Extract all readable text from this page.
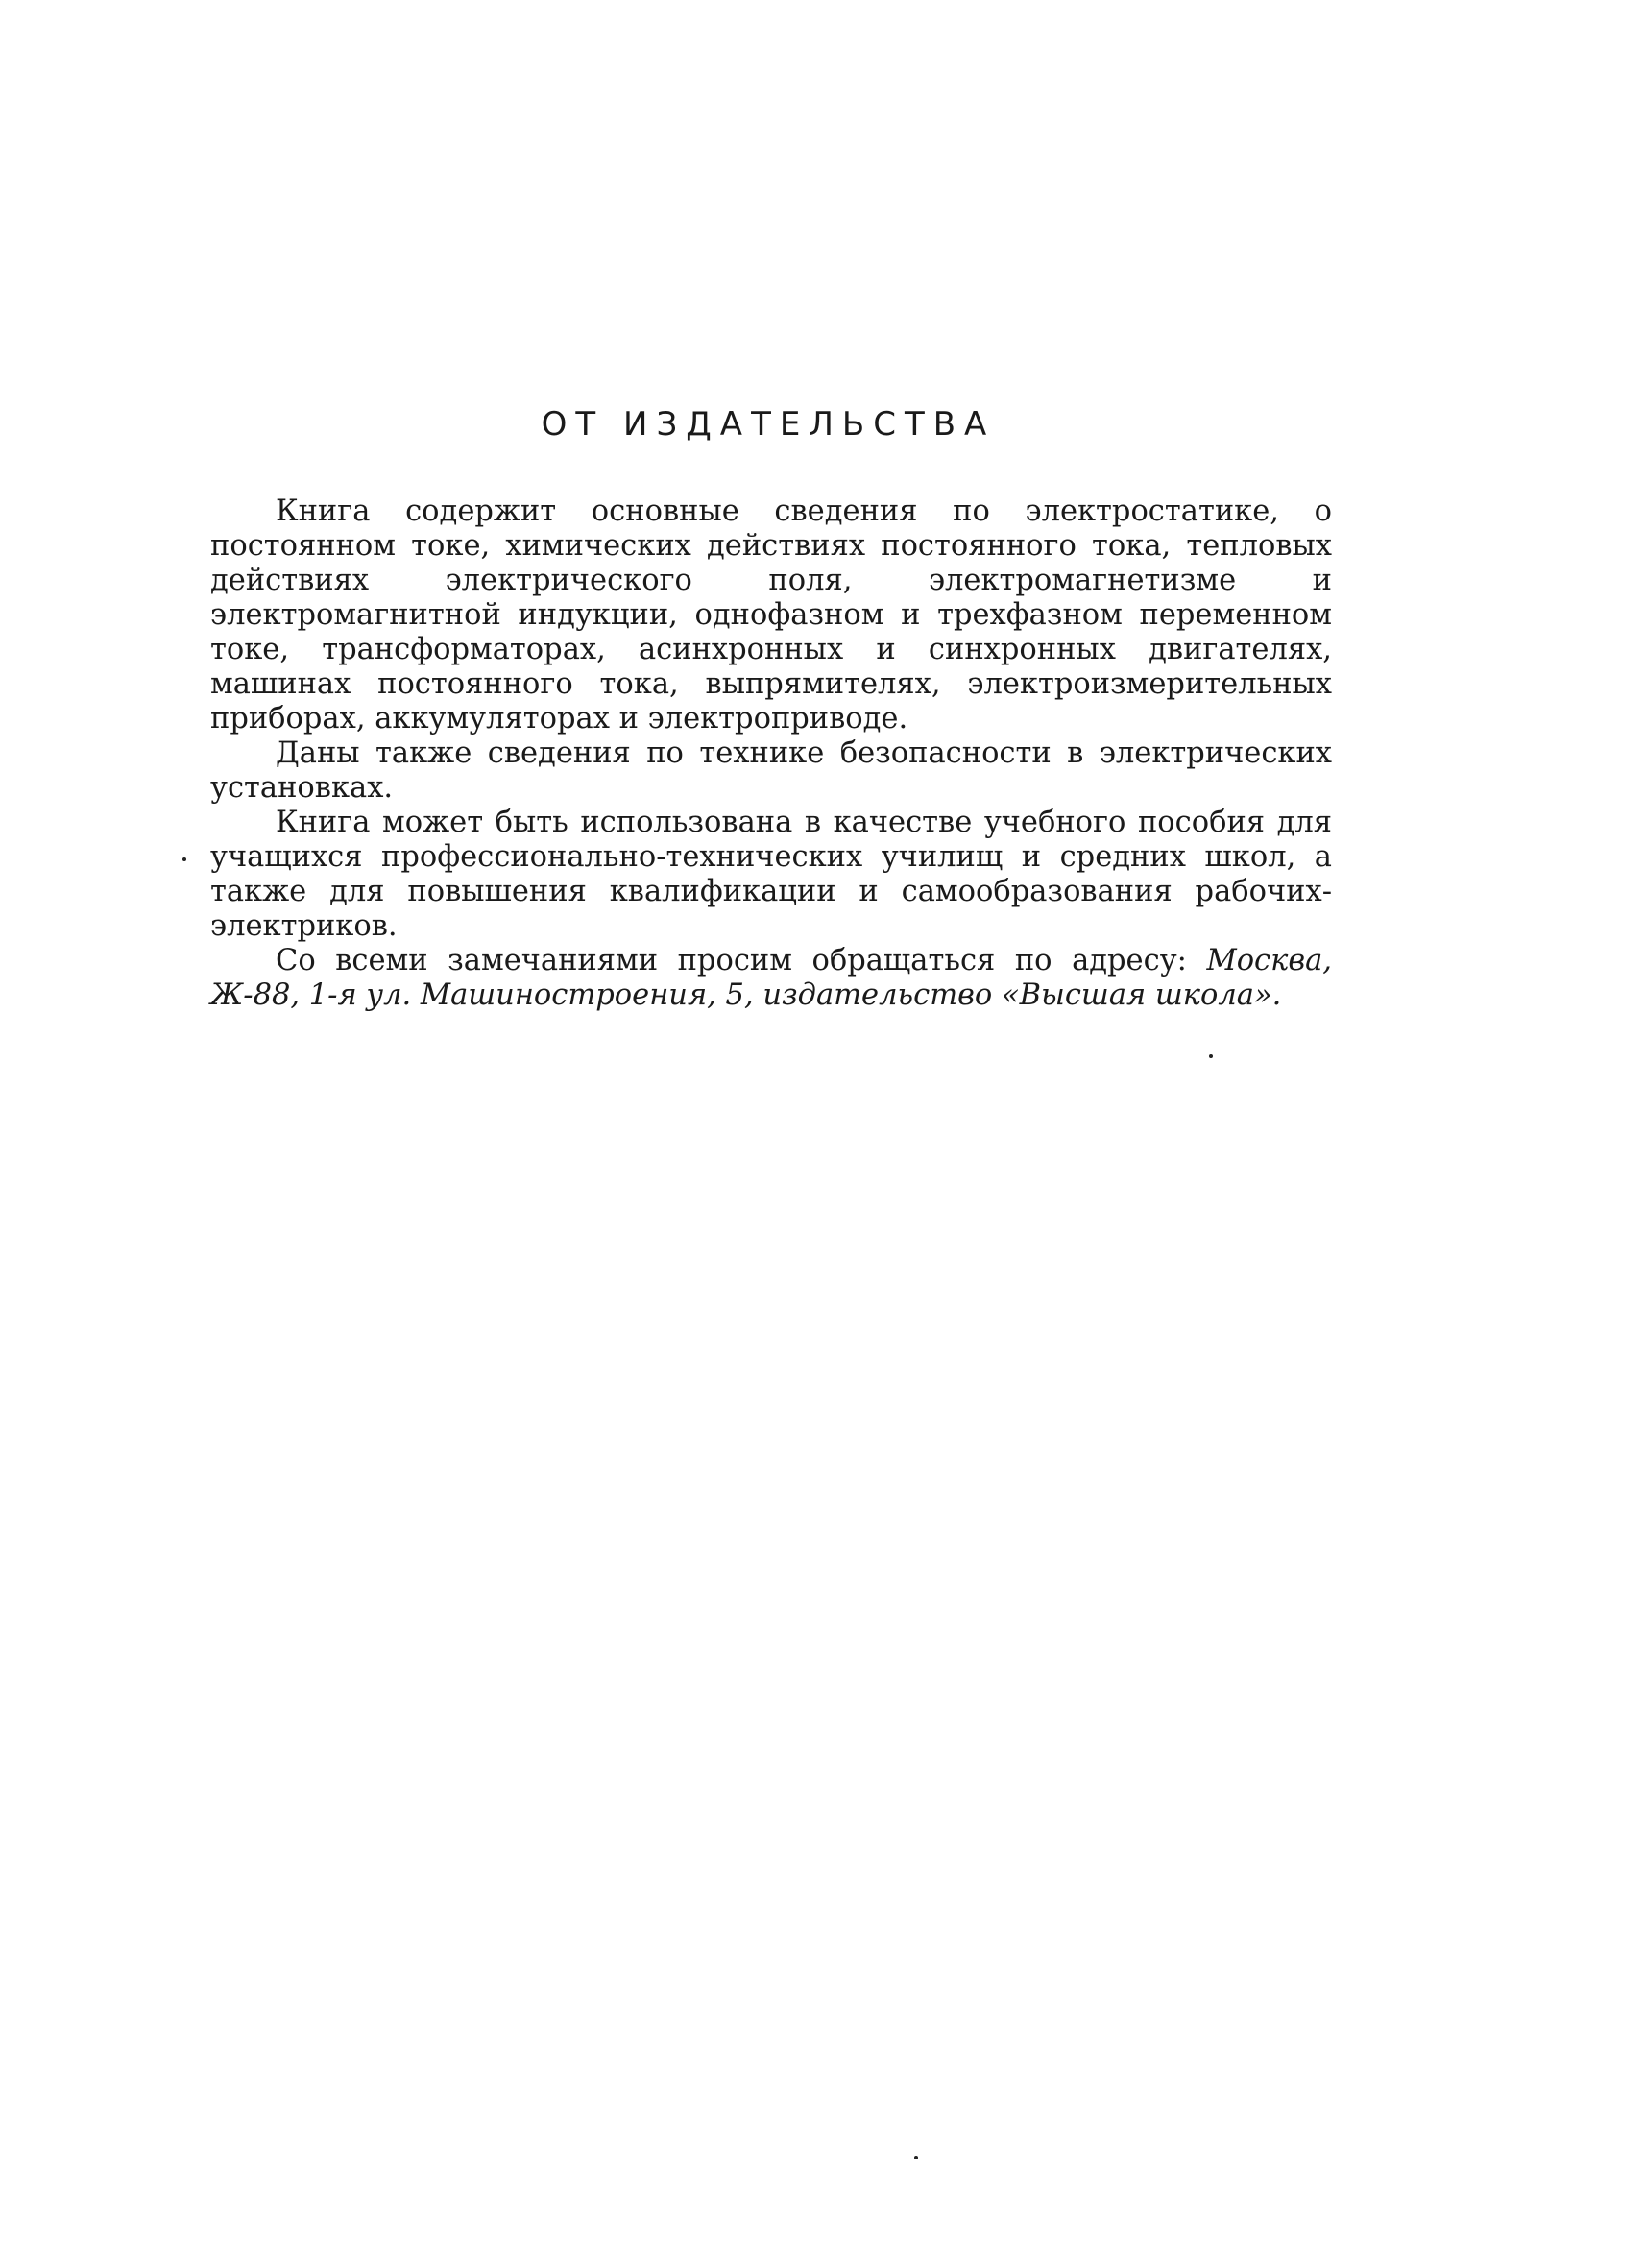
ОТ ИЗДАТЕЛЬСТВА

Книга содержит основные сведения по электростатике, о постоянном токе, химических действиях постоянного тока, тепловых действиях электрического поля, электромагнетизме и электромагнитной индукции, однофазном и трехфазном переменном токе, трансформаторах, асинхронных и синхронных двигателях, машинах постоянного тока, выпрямителях, электроизмерительных приборах, аккумуляторах и электроприводе.

Даны также сведения по технике безопасности в электрических установках.

Книга может быть использована в качестве учебного пособия для учащихся профессионально-технических училищ и средних школ, а также для повышения квалификации и самообразования рабочих-электриков.

Со всеми замечаниями просим обращаться по адресу: Москва, Ж-88, 1-я ул. Машиностроения, 5, издательство «Высшая школа».
